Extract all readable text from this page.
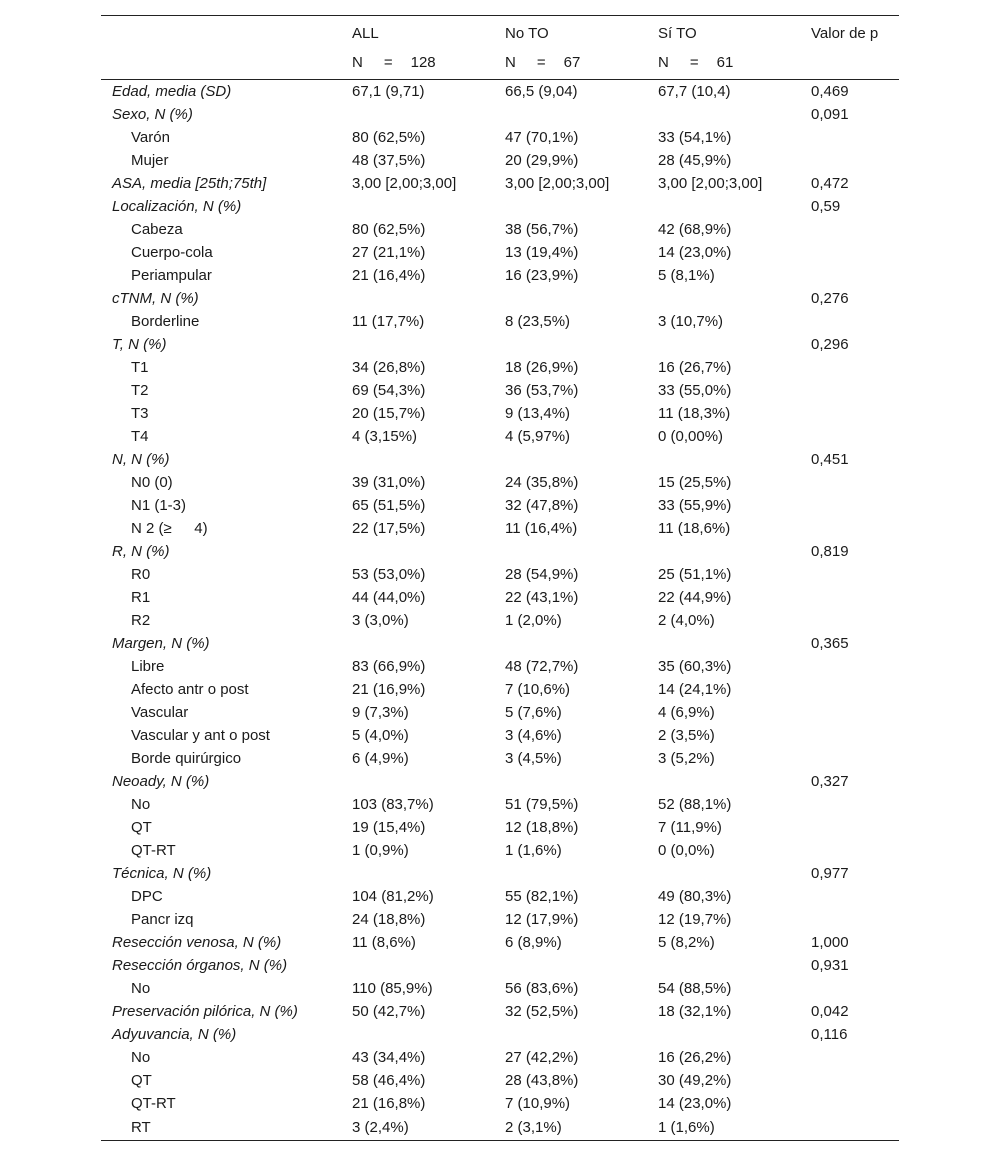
	ALL	No TO	Sí TO	Valor de p
	N = 128	N = 67	N = 61	
Edad, media (SD)	67,1 (9,71)	66,5 (9,04)	67,7 (10,4)	0,469
Sexo, N (%)				0,091
Varón	80 (62,5%)	47 (70,1%)	33 (54,1%)	
Mujer	48 (37,5%)	20 (29,9%)	28 (45,9%)	
ASA, media [25th;75th]	3,00 [2,00;3,00]	3,00 [2,00;3,00]	3,00 [2,00;3,00]	0,472
Localización, N (%)				0,59
Cabeza	80 (62,5%)	38 (56,7%)	42 (68,9%)	
Cuerpo-cola	27 (21,1%)	13 (19,4%)	14 (23,0%)	
Periampular	21 (16,4%)	16 (23,9%)	5 (8,1%)	
cTNM, N (%)				0,276
Borderline	11 (17,7%)	8 (23,5%)	3 (10,7%)	
T, N (%)				0,296
T1	34 (26,8%)	18 (26,9%)	16 (26,7%)	
T2	69 (54,3%)	36 (53,7%)	33 (55,0%)	
T3	20 (15,7%)	9 (13,4%)	11 (18,3%)	
T4	4 (3,15%)	4 (5,97%)	0 (0,00%)	
N, N (%)				0,451
N0 (0)	39 (31,0%)	24 (35,8%)	15 (25,5%)	
N1 (1-3)	65 (51,5%)	32 (47,8%)	33 (55,9%)	
N 2 (≥  4)	22 (17,5%)	11 (16,4%)	11 (18,6%)	
R, N (%)				0,819
R0	53 (53,0%)	28 (54,9%)	25 (51,1%)	
R1	44 (44,0%)	22 (43,1%)	22 (44,9%)	
R2	3 (3,0%)	1 (2,0%)	2 (4,0%)	
Margen, N (%)				0,365
Libre	83 (66,9%)	48 (72,7%)	35 (60,3%)	
Afecto antr o post	21 (16,9%)	7 (10,6%)	14 (24,1%)	
Vascular	9 (7,3%)	5 (7,6%)	4 (6,9%)	
Vascular y ant o post	5 (4,0%)	3 (4,6%)	2 (3,5%)	
Borde quirúrgico	6 (4,9%)	3 (4,5%)	3 (5,2%)	
Neoady, N (%)				0,327
No	103 (83,7%)	51 (79,5%)	52 (88,1%)	
QT	19 (15,4%)	12 (18,8%)	7 (11,9%)	
QT-RT	1 (0,9%)	1 (1,6%)	0 (0,0%)	
Técnica, N (%)				0,977
DPC	104 (81,2%)	55 (82,1%)	49 (80,3%)	
Pancr izq	24 (18,8%)	12 (17,9%)	12 (19,7%)	
Resección venosa, N (%)	11 (8,6%)	6 (8,9%)	5 (8,2%)	1,000
Resección órganos, N (%)				0,931
No	110 (85,9%)	56 (83,6%)	54 (88,5%)	
Preservación pilórica, N (%)	50 (42,7%)	32 (52,5%)	18 (32,1%)	0,042
Adyuvancia, N (%)				0,116
No	43 (34,4%)	27 (42,2%)	16 (26,2%)	
QT	58 (46,4%)	28 (43,8%)	30 (49,2%)	
QT-RT	21 (16,8%)	7 (10,9%)	14 (23,0%)	
RT	3 (2,4%)	2 (3,1%)	1 (1,6%)	
